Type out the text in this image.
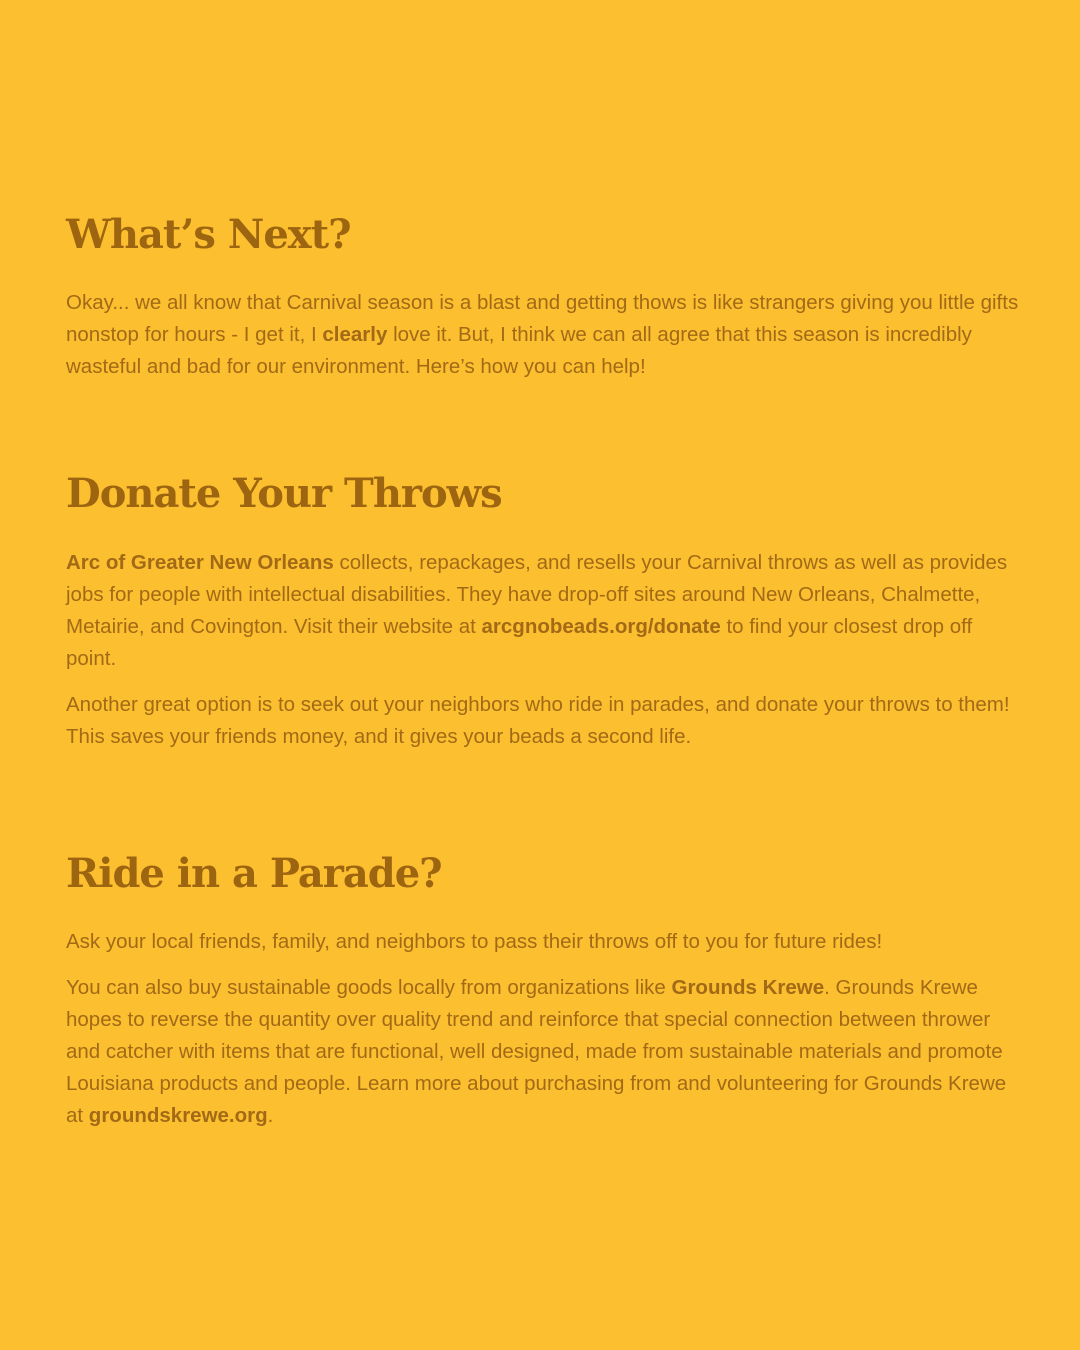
What’s Next?

Okay... we all know that Carnival season is a blast and getting thows is like strangers giving you little gifts nonstop for hours - I get it, I clearly love it. But, I think we can all agree that this season is incredibly wasteful and bad for our environment. Here’s how you can help!

Donate Your Throws

Arc of Greater New Orleans collects, repackages, and resells your Carnival throws as well as provides jobs for people with intellectual disabilities. They have drop-off sites around New Orleans, Chalmette, Metairie, and Covington. Visit their website at arcgnobeads.org/donate to find your closest drop off point.

Another great option is to seek out your neighbors who ride in parades, and donate your throws to them! This saves your friends money, and it gives your beads a second life.

Ride in a Parade?

Ask your local friends, family, and neighbors to pass their throws off to you for future rides!

You can also buy sustainable goods locally from organizations like Grounds Krewe. Grounds Krewe hopes to reverse the quantity over quality trend and reinforce that special connection between thrower and catcher with items that are functional, well designed, made from sustainable materials and promote Louisiana products and people. Learn more about purchasing from and volunteering for Grounds Krewe at groundskrewe.org.
